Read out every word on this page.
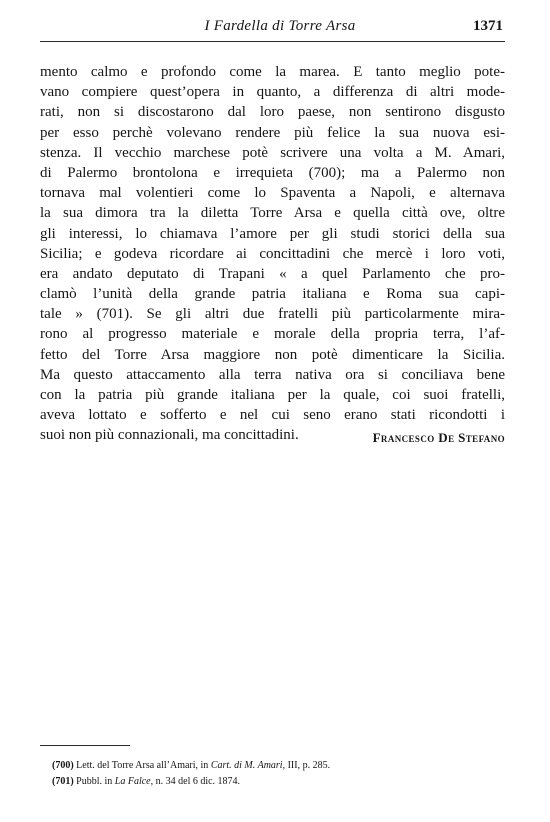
I Fardella di Torre Arsa	1371
mento calmo e profondo come la marea. E tanto meglio pote-
vano compiere quest’opera in quanto, a differenza di altri mode-
rati, non si discostarono dal loro paese, non sentirono disgusto
per esso perchè volevano rendere più felice la sua nuova esi-
stenza. Il vecchio marchese potè scrivere una volta a M. Amari,
di Palermo brontolona e irrequieta (700); ma a Palermo non
tornava mal volentieri come lo Spaventa a Napoli, e alternava
la sua dimora tra la diletta Torre Arsa e quella città ove, oltre
gli interessi, lo chiamava l’amore per gli studi storici della sua
Sicilia; e godeva ricordare ai concittadini che mercè i loro voti,
era andato deputato di Trapani « a quel Parlamento che pro-
clamò l’unità della grande patria italiana e Roma sua capi-
tale » (701). Se gli altri due fratelli più particolarmente mira-
rono al progresso materiale e morale della propria terra, l’af-
fetto del Torre Arsa maggiore non potè dimenticare la Sicilia.
Ma questo attaccamento alla terra nativa ora si conciliava bene
con la patria più grande italiana per la quale, coi suoi fratelli,
aveva lottato e sofferto e nel cui seno erano stati ricondotti i
suoi non più connazionali, ma concittadini.	Francesco De Stefano
(700) Lett. del Torre Arsa all’Amari, in Cart. di M. Amari, III, p. 285.
(701) Pubbl. in La Falce, n. 34 del 6 dic. 1874.
